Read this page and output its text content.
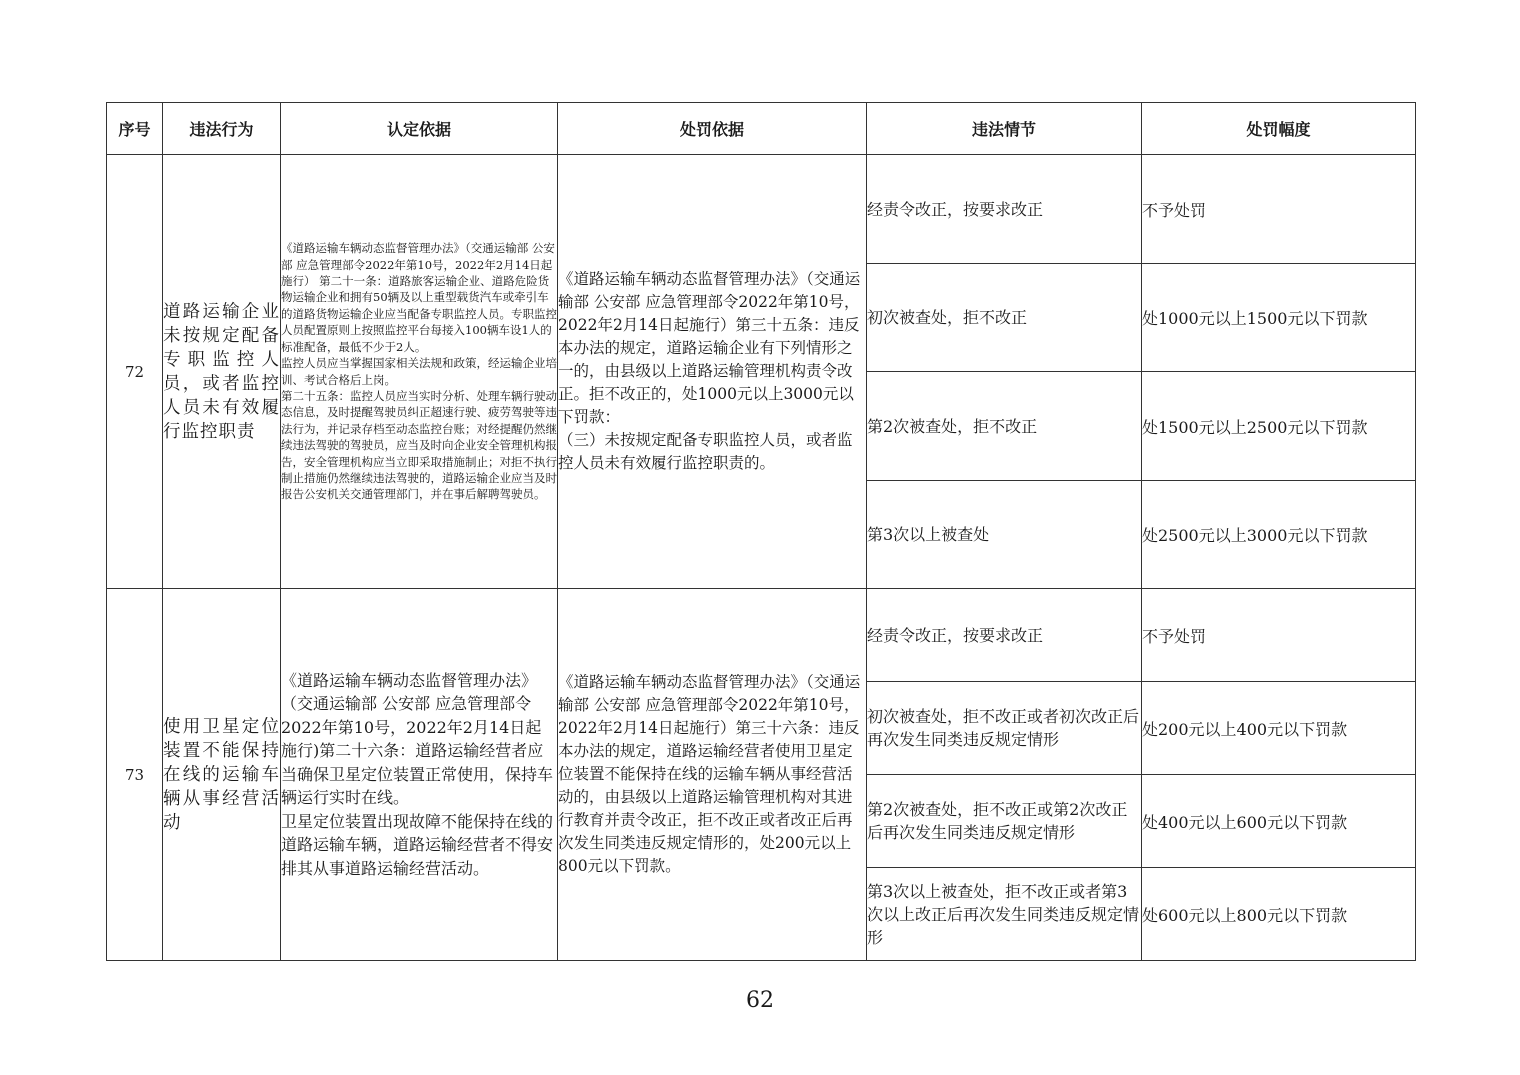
序号	违法行为	认定依据	处罚依据	违法情节	处罚幅度
72	道路运输企业未按规定配备专职监控人员，或者监控人员未有效履行监控职责	《道路运输车辆动态监督管理办法》（交通运输部 公安部 应急管理部令2022年第10号，2022年2月14日起施行） 第二十一条：道路旅客运输企业、道路危险货物运输企业和拥有50辆及以上重型载货汽车或牵引车的道路货物运输企业应当配备专职监控人员。专职监控人员配置原则上按照监控平台每接入100辆车设1人的标准配备，最低不少于2人。
监控人员应当掌握国家相关法规和政策，经运输企业培训、考试合格后上岗。
第二十五条：监控人员应当实时分析、处理车辆行驶动态信息，及时提醒驾驶员纠正超速行驶、疲劳驾驶等违法行为，并记录存档至动态监控台账；对经提醒仍然继续违法驾驶的驾驶员，应当及时向企业安全管理机构报告，安全管理机构应当立即采取措施制止；对拒不执行制止措施仍然继续违法驾驶的，道路运输企业应当及时报告公安机关交通管理部门，并在事后解聘驾驶员。	《道路运输车辆动态监督管理办法》（交通运输部 公安部 应急管理部令2022年第10号，2022年2月14日起施行）第三十五条：违反本办法的规定，道路运输企业有下列情形之一的，由县级以上道路运输管理机构责令改正。拒不改正的，处1000元以上3000元以下罚款：
（三）未按规定配备专职监控人员，或者监控人员未有效履行监控职责的。	经责令改正，按要求改正	不予处罚
				初次被查处，拒不改正	处1000元以上1500元以下罚款
				第2次被查处，拒不改正	处1500元以上2500元以下罚款
				第3次以上被查处	处2500元以上3000元以下罚款
73	使用卫星定位装置不能保持在线的运输车辆从事经营活动	《道路运输车辆动态监督管理办法》（交通运输部 公安部 应急管理部令2022年第10号，2022年2月14日起施行)第二十六条：道路运输经营者应当确保卫星定位装置正常使用，保持车辆运行实时在线。
卫星定位装置出现故障不能保持在线的道路运输车辆，道路运输经营者不得安排其从事道路运输经营活动。	《道路运输车辆动态监督管理办法》（交通运输部 公安部 应急管理部令2022年第10号，2022年2月14日起施行）第三十六条：违反本办法的规定，道路运输经营者使用卫星定位装置不能保持在线的运输车辆从事经营活动的，由县级以上道路运输管理机构对其进行教育并责令改正，拒不改正或者改正后再次发生同类违反规定情形的，处200元以上800元以下罚款。	经责令改正，按要求改正	不予处罚
				初次被查处，拒不改正或者初次改正后再次发生同类违反规定情形	处200元以上400元以下罚款
				第2次被查处，拒不改正或第2次改正后再次发生同类违反规定情形	处400元以上600元以下罚款
				第3次以上被查处，拒不改正或者第3次以上改正后再次发生同类违反规定情形	处600元以上800元以下罚款
62
